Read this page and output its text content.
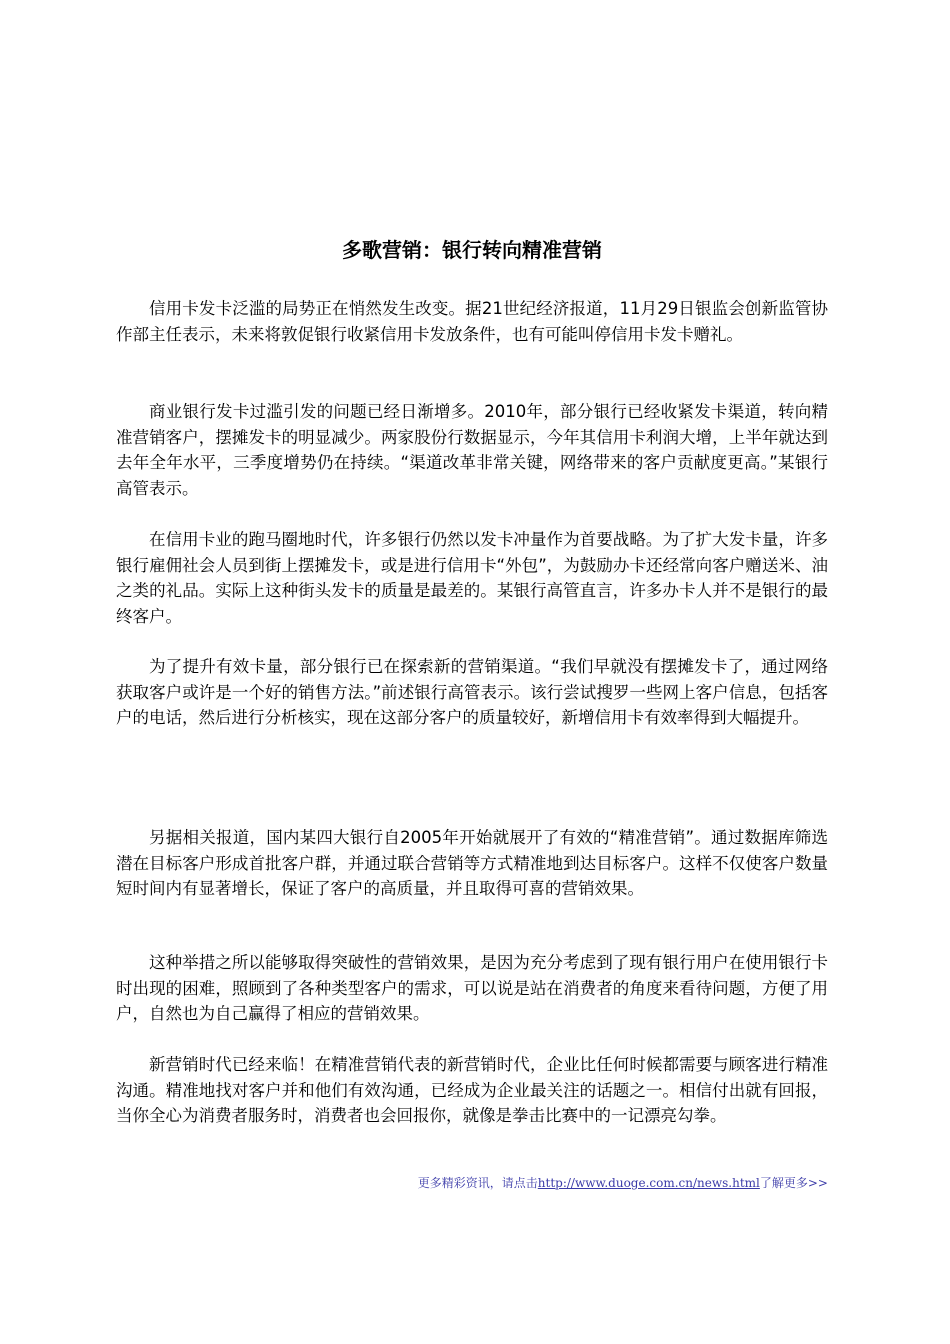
多歌营销：银行转向精准营销

信用卡发卡泛滥的局势正在悄然发生改变。据21世纪经济报道，11月29日银监会创新监管协作部主任表示，未来将敦促银行收紧信用卡发放条件，也有可能叫停信用卡发卡赠礼。

商业银行发卡过滥引发的问题已经日渐增多。2010年，部分银行已经收紧发卡渠道，转向精准营销客户，摆摊发卡的明显减少。两家股份行数据显示，今年其信用卡利润大增，上半年就达到去年全年水平，三季度增势仍在持续。“渠道改革非常关键，网络带来的客户贡献度更高。”某银行高管表示。

在信用卡业的跑马圈地时代，许多银行仍然以发卡冲量作为首要战略。为了扩大发卡量，许多银行雇佣社会人员到街上摆摊发卡，或是进行信用卡“外包”，为鼓励办卡还经常向客户赠送米、油之类的礼品。实际上这种街头发卡的质量是最差的。某银行高管直言，许多办卡人并不是银行的最终客户。

为了提升有效卡量，部分银行已在探索新的营销渠道。“我们早就没有摆摊发卡了，通过网络获取客户或许是一个好的销售方法。”前述银行高管表示。该行尝试搜罗一些网上客户信息，包括客户的电话，然后进行分析核实，现在这部分客户的质量较好，新增信用卡有效率得到大幅提升。

另据相关报道，国内某四大银行自2005年开始就展开了有效的“精准营销”。通过数据库筛选潜在目标客户形成首批客户群，并通过联合营销等方式精准地到达目标客户。这样不仅使客户数量短时间内有显著增长，保证了客户的高质量，并且取得可喜的营销效果。

这种举措之所以能够取得突破性的营销效果，是因为充分考虑到了现有银行用户在使用银行卡时出现的困难，照顾到了各种类型客户的需求，可以说是站在消费者的角度来看待问题，方便了用户，自然也为自己赢得了相应的营销效果。

新营销时代已经来临！在精准营销代表的新营销时代，企业比任何时候都需要与顾客进行精准沟通。精准地找对客户并和他们有效沟通，已经成为企业最关注的话题之一。相信付出就有回报，当你全心为消费者服务时，消费者也会回报你，就像是拳击比赛中的一记漂亮勾拳。

更多精彩资讯，请点击http://www.duoge.com.cn/news.html了解更多>>
